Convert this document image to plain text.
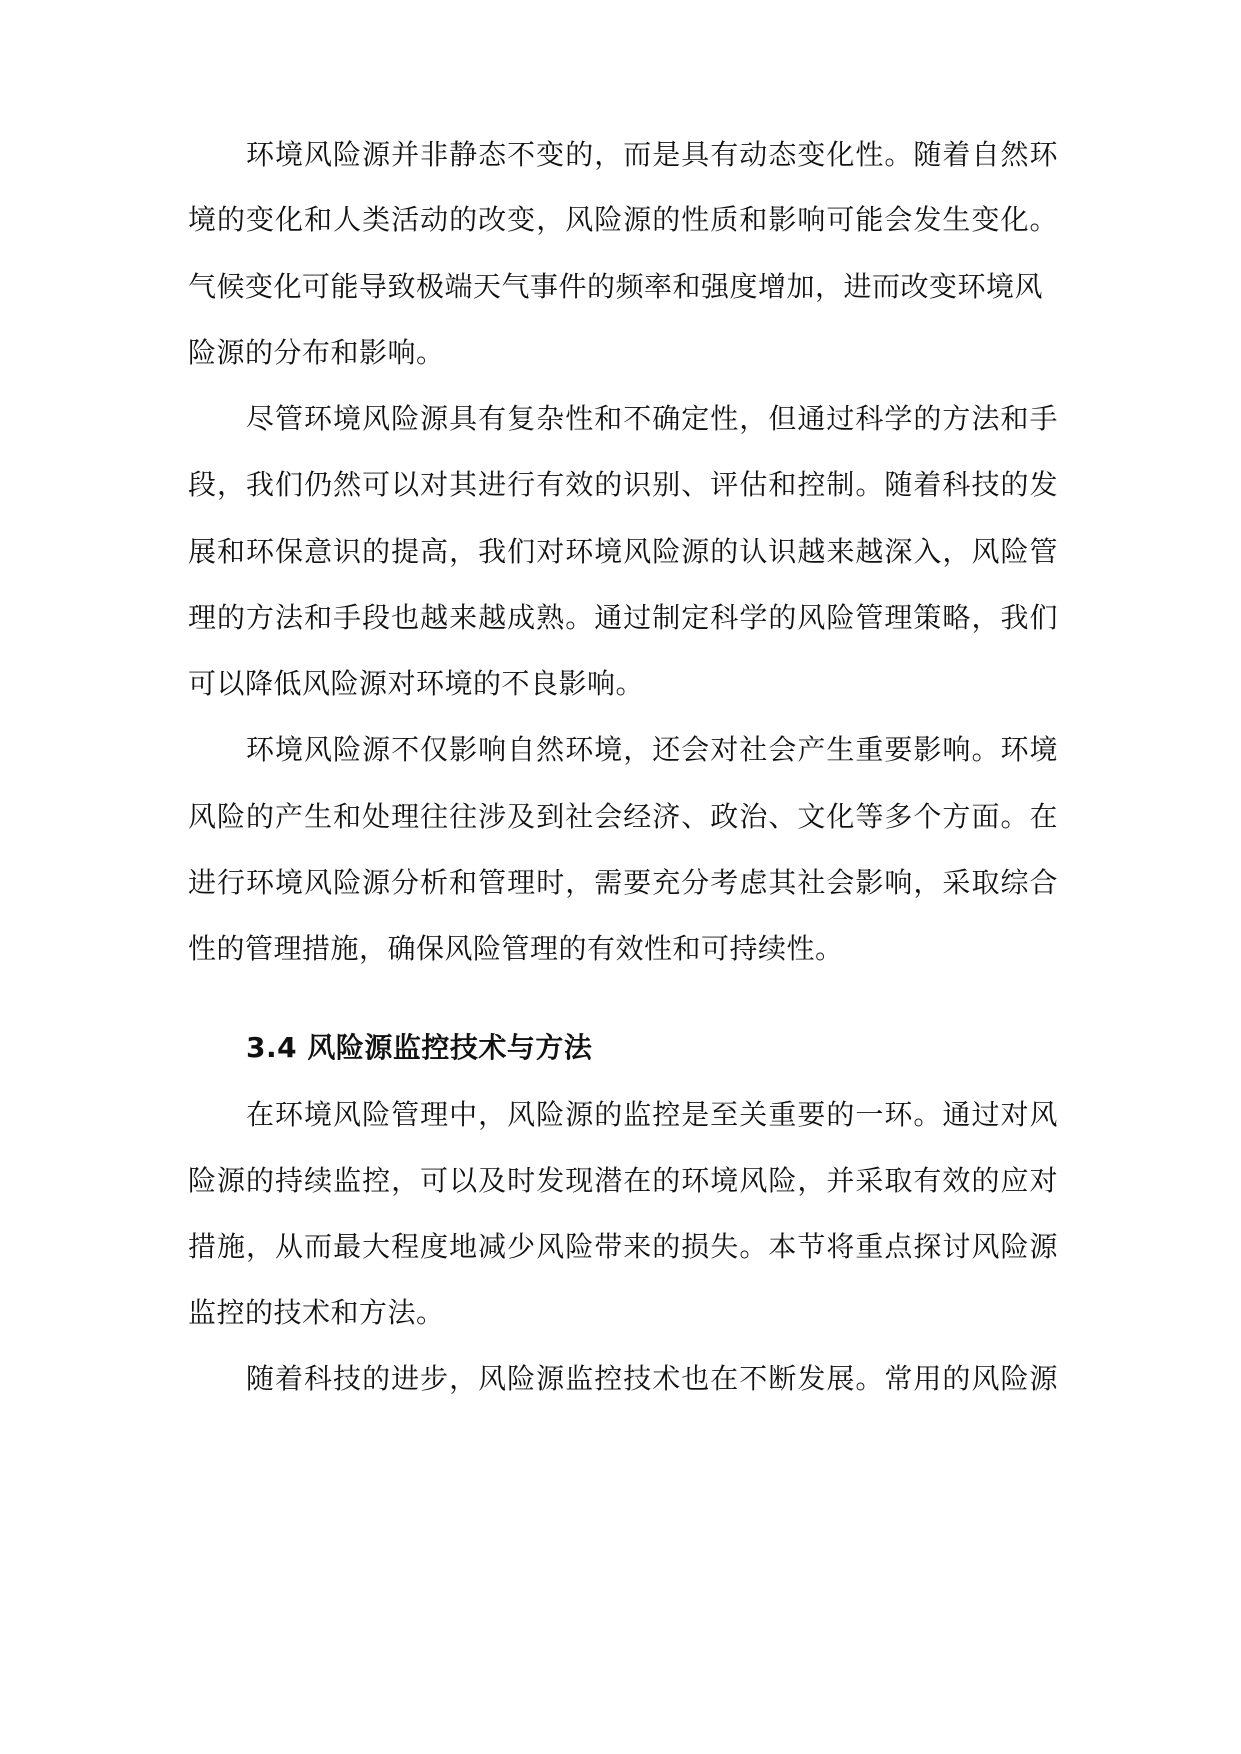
环境风险源并非静态不变的，而是具有动态变化性。随着自然环
境的变化和人类活动的改变，风险源的性质和影响可能会发生变化。
气候变化可能导致极端天气事件的频率和强度增加，进而改变环境风
险源的分布和影响。
尽管环境风险源具有复杂性和不确定性，但通过科学的方法和手
段，我们仍然可以对其进行有效的识别、评估和控制。随着科技的发
展和环保意识的提高，我们对环境风险源的认识越来越深入，风险管
理的方法和手段也越来越成熟。通过制定科学的风险管理策略，我们
可以降低风险源对环境的不良影响。
环境风险源不仅影响自然环境，还会对社会产生重要影响。环境
风险的产生和处理往往涉及到社会经济、政治、文化等多个方面。在
进行环境风险源分析和管理时，需要充分考虑其社会影响，采取综合
性的管理措施，确保风险管理的有效性和可持续性。
3.4 风险源监控技术与方法
在环境风险管理中，风险源的监控是至关重要的一环。通过对风
险源的持续监控，可以及时发现潜在的环境风险，并采取有效的应对
措施，从而最大程度地减少风险带来的损失。本节将重点探讨风险源
监控的技术和方法。
随着科技的进步，风险源监控技术也在不断发展。常用的风险源
